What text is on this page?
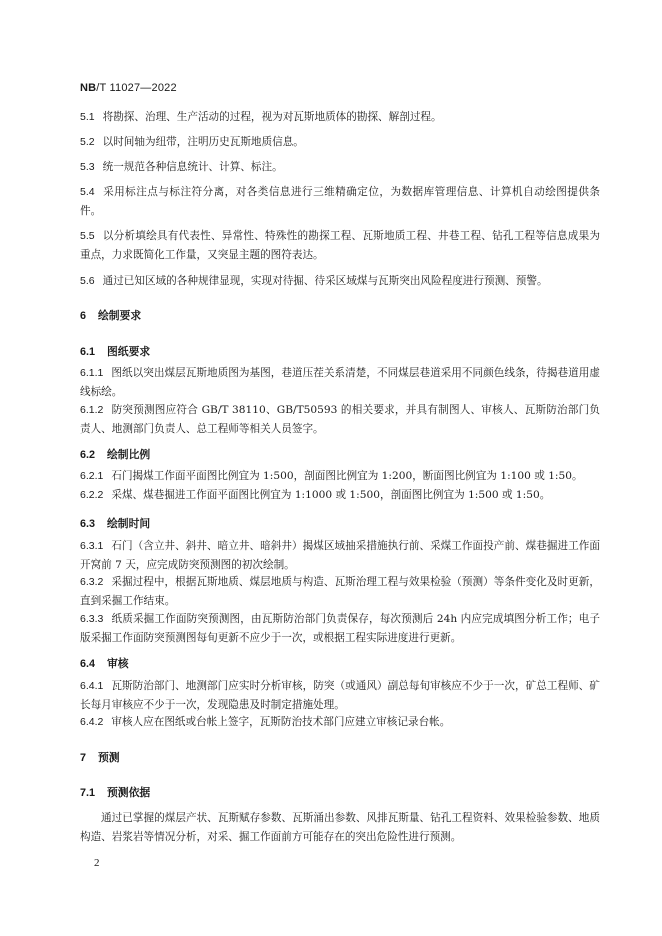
NB/T 11027—2022
5.1 将勘探、治理、生产活动的过程，视为对瓦斯地质体的勘探、解剖过程。
5.2 以时间轴为纽带，注明历史瓦斯地质信息。
5.3 统一规范各种信息统计、计算、标注。
5.4 采用标注点与标注符分离，对各类信息进行三维精确定位，为数据库管理信息、计算机自动绘图提供条件。
5.5 以分析填绘具有代表性、异常性、特殊性的勘探工程、瓦斯地质工程、井巷工程、钻孔工程等信息成果为重点，力求既简化工作量，又突显主题的图符表达。
5.6 通过已知区域的各种规律显现，实现对待掘、待采区域煤与瓦斯突出风险程度进行预测、预警。
6 绘制要求
6.1 图纸要求
6.1.1 图纸以突出煤层瓦斯地质图为基图，巷道压茬关系清楚，不同煤层巷道采用不同颜色线条，待揭巷道用虚线标绘。
6.1.2 防突预测图应符合 GB/T 38110、GB/T50593 的相关要求，并具有制图人、审核人、瓦斯防治部门负责人、地测部门负责人、总工程师等相关人员签字。
6.2 绘制比例
6.2.1 石门揭煤工作面平面图比例宜为 1:500，剖面图比例宜为 1:200，断面图比例宜为 1:100 或 1:50。
6.2.2 采煤、煤巷掘进工作面平面图比例宜为 1:1000 或 1:500，剖面图比例宜为 1:500 或 1:50。
6.3 绘制时间
6.3.1 石门（含立井、斜井、暗立井、暗斜井）揭煤区域抽采措施执行前、采煤工作面投产前、煤巷掘进工作面开窝前 7 天，应完成防突预测图的初次绘制。
6.3.2 采掘过程中，根据瓦斯地质、煤层地质与构造、瓦斯治理工程与效果检验（预测）等条件变化及时更新，直到采掘工作结束。
6.3.3 纸质采掘工作面防突预测图，由瓦斯防治部门负责保存，每次预测后 24h 内应完成填图分析工作；电子版采掘工作面防突预测图每旬更新不应少于一次，或根据工程实际进度进行更新。
6.4 审核
6.4.1 瓦斯防治部门、地测部门应实时分析审核，防突（或通风）副总每旬审核应不少于一次，矿总工程师、矿长每月审核应不少于一次，发现隐患及时制定措施处理。
6.4.2 审核人应在图纸或台帐上签字，瓦斯防治技术部门应建立审核记录台帐。
7 预测
7.1 预测依据
通过已掌握的煤层产状、瓦斯赋存参数、瓦斯涌出参数、风排瓦斯量、钻孔工程资料、效果检验参数、地质构造、岩浆岩等情况分析，对采、掘工作面前方可能存在的突出危险性进行预测。
2
